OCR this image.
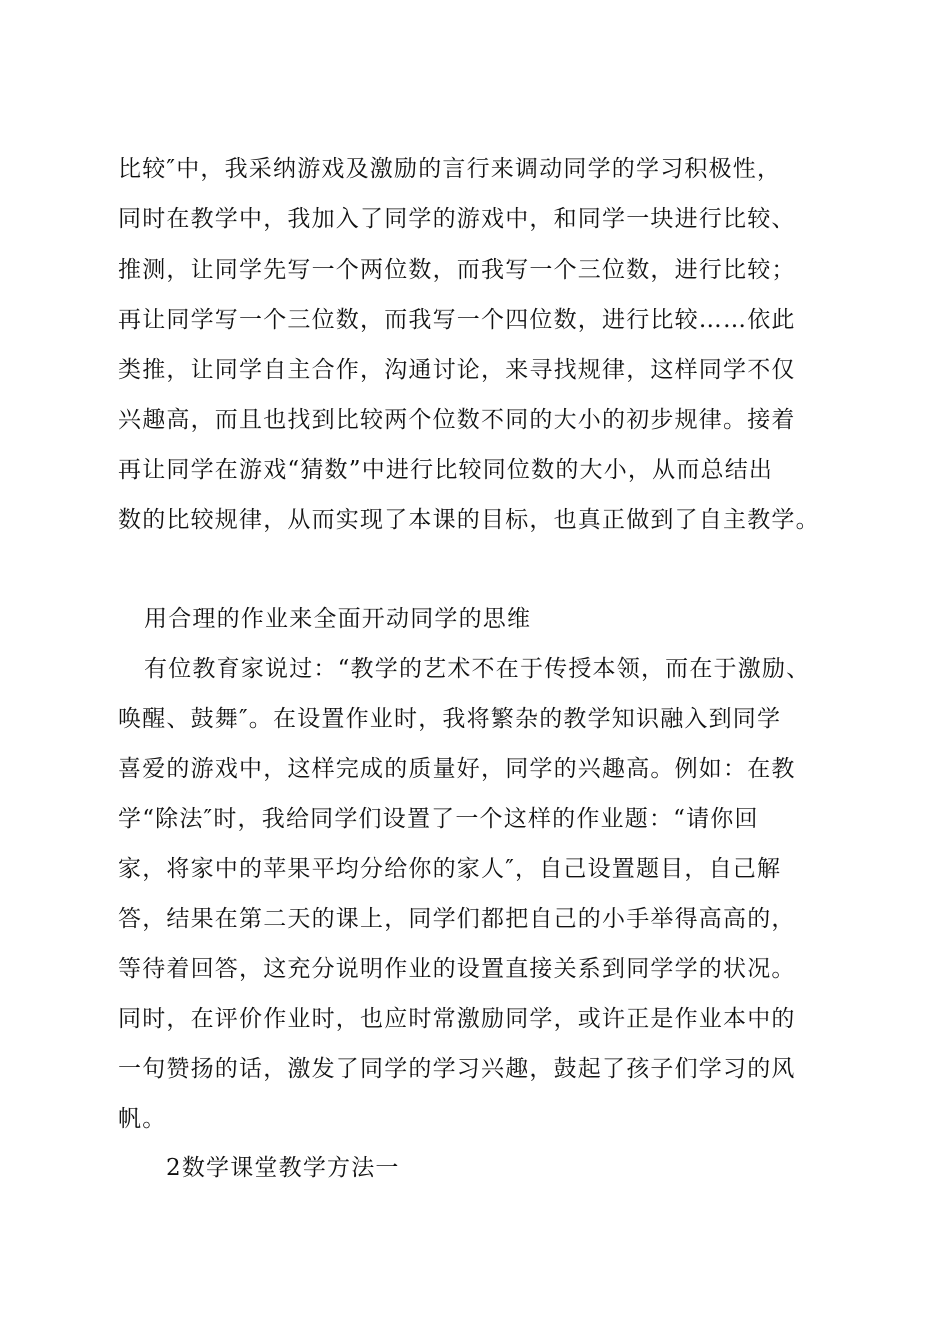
比较″中，我采纳游戏及激励的言行来调动同学的学习积极性，
同时在教学中，我加入了同学的游戏中，和同学一块进行比较、
推测，让同学先写一个两位数，而我写一个三位数，进行比较；
再让同学写一个三位数，而我写一个四位数，进行比较……依此
类推，让同学自主合作，沟通讨论，来寻找规律，这样同学不仅
兴趣高，而且也找到比较两个位数不同的大小的初步规律。接着
再让同学在游戏“猜数”中进行比较同位数的大小，从而总结出
数的比较规律，从而实现了本课的目标，也真正做到了自主教学。
用合理的作业来全面开动同学的思维
有位教育家说过：“教学的艺术不在于传授本领，而在于激励、
唤醒、鼓舞″。在设置作业时，我将繁杂的教学知识融入到同学
喜爱的游戏中，这样完成的质量好，同学的兴趣高。例如：在教
学“除法″时，我给同学们设置了一个这样的作业题：“请你回
家，将家中的苹果平均分给你的家人″，自己设置题目，自己解
答，结果在第二天的课上，同学们都把自己的小手举得高高的，
等待着回答，这充分说明作业的设置直接关系到同学学的状况。
同时，在评价作业时，也应时常激励同学，或许正是作业本中的
一句赞扬的话，激发了同学的学习兴趣，鼓起了孩子们学习的风
帆。
2数学课堂教学方法一
